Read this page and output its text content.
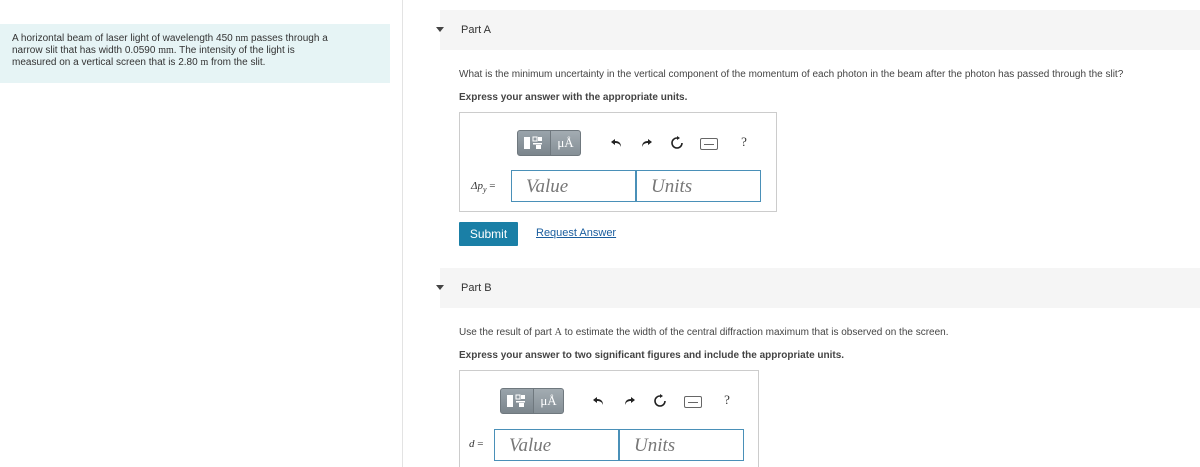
A horizontal beam of laser light of wavelength 450 nm passes through a
narrow slit that has width 0.0590 mm. The intensity of the light is
measured on a vertical screen that is 2.80 m from the slit.
Part A
What is the minimum uncertainty in the vertical component of the momentum of each photon in the beam after the photon has passed through the slit?
Express your answer with the appropriate units.
μÅ	?
$\Delta p_y$ =	Value	Units
Submit	Request Answer
Part B
Use the result of part A to estimate the width of the central diffraction maximum that is observed on the screen.
Express your answer to two significant figures and include the appropriate units.
μÅ	?
d =	Value	Units
